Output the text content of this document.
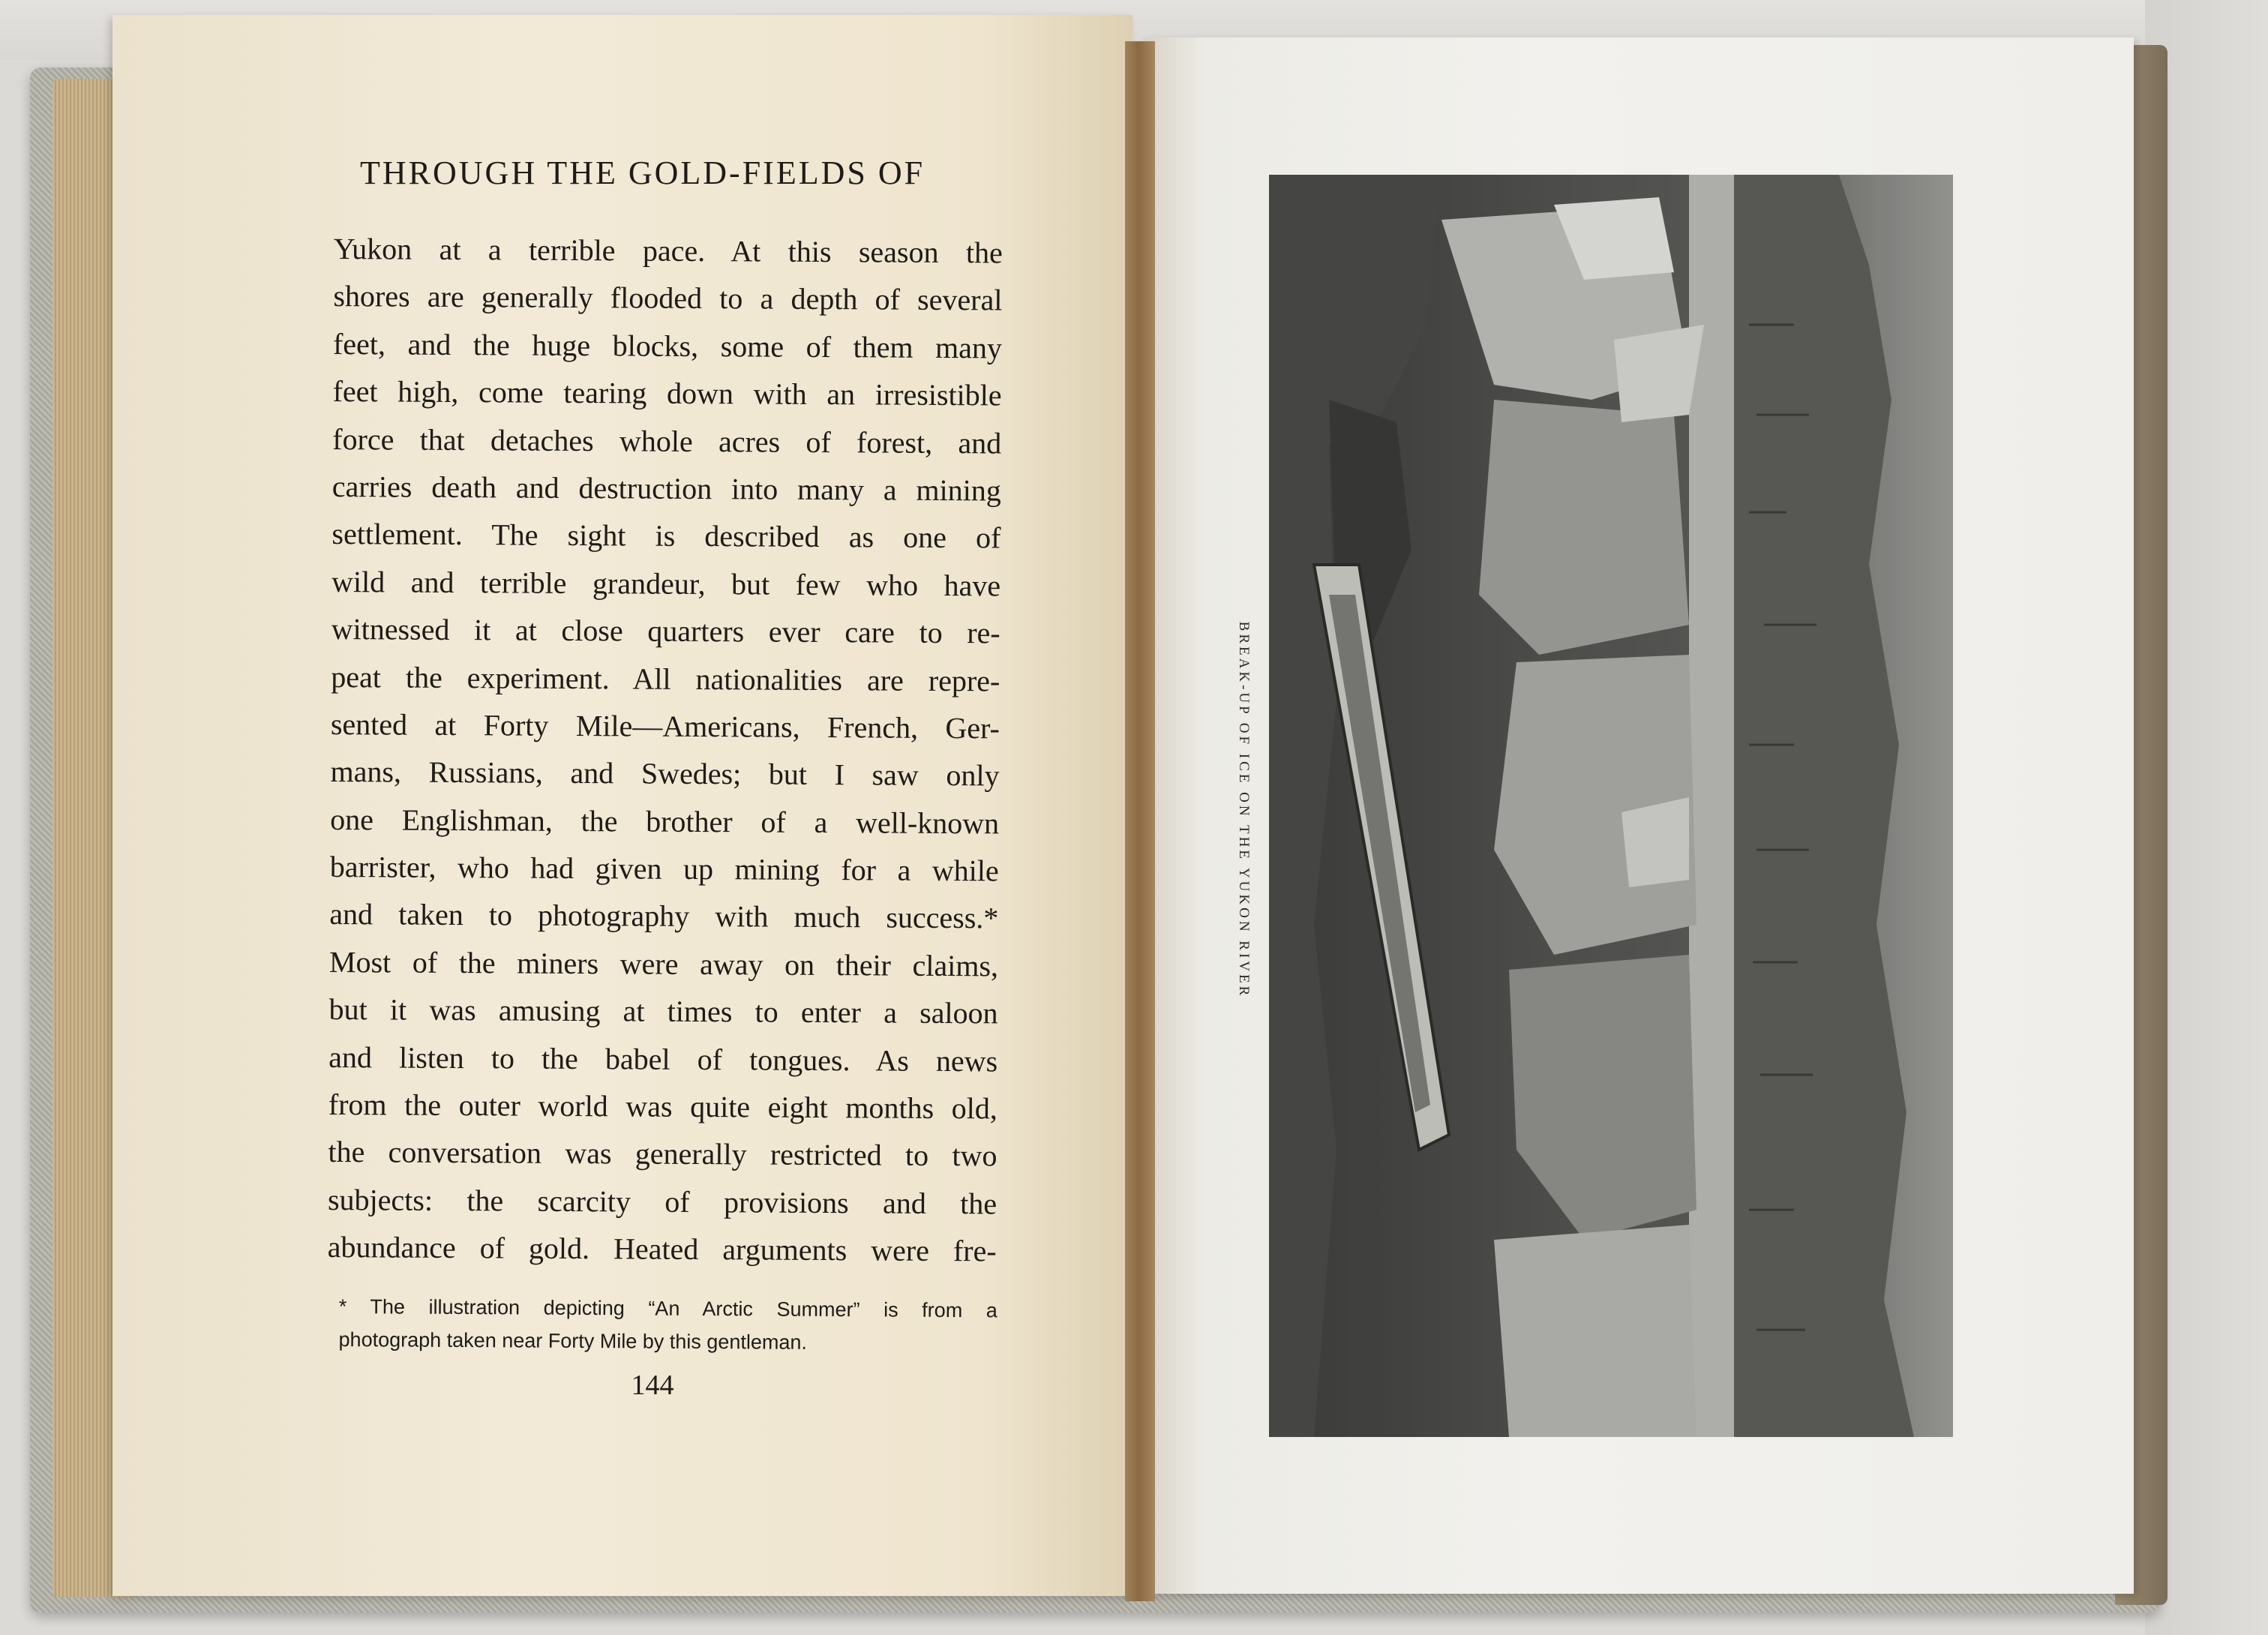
THROUGH THE GOLD-FIELDS OF
Yukon at a terrible pace. At this season the
shores are generally flooded to a depth of several
feet, and the huge blocks, some of them many
feet high, come tearing down with an irresistible
force that detaches whole acres of forest, and
carries death and destruction into many a mining
settlement. The sight is described as one of
wild and terrible grandeur, but few who have
witnessed it at close quarters ever care to re-
peat the experiment. All nationalities are repre-
sented at Forty Mile—Americans, French, Ger-
mans, Russians, and Swedes; but I saw only
one Englishman, the brother of a well-known
barrister, who had given up mining for a while
and taken to photography with much success.*
Most of the miners were away on their claims,
but it was amusing at times to enter a saloon
and listen to the babel of tongues. As news
from the outer world was quite eight months old,
the conversation was generally restricted to two
subjects: the scarcity of provisions and the
abundance of gold. Heated arguments were fre-
* The illustration depicting “An Arctic Summer” is from a
photograph taken near Forty Mile by this gentleman.
144
BREAK-UP OF ICE ON THE YUKON RIVER
